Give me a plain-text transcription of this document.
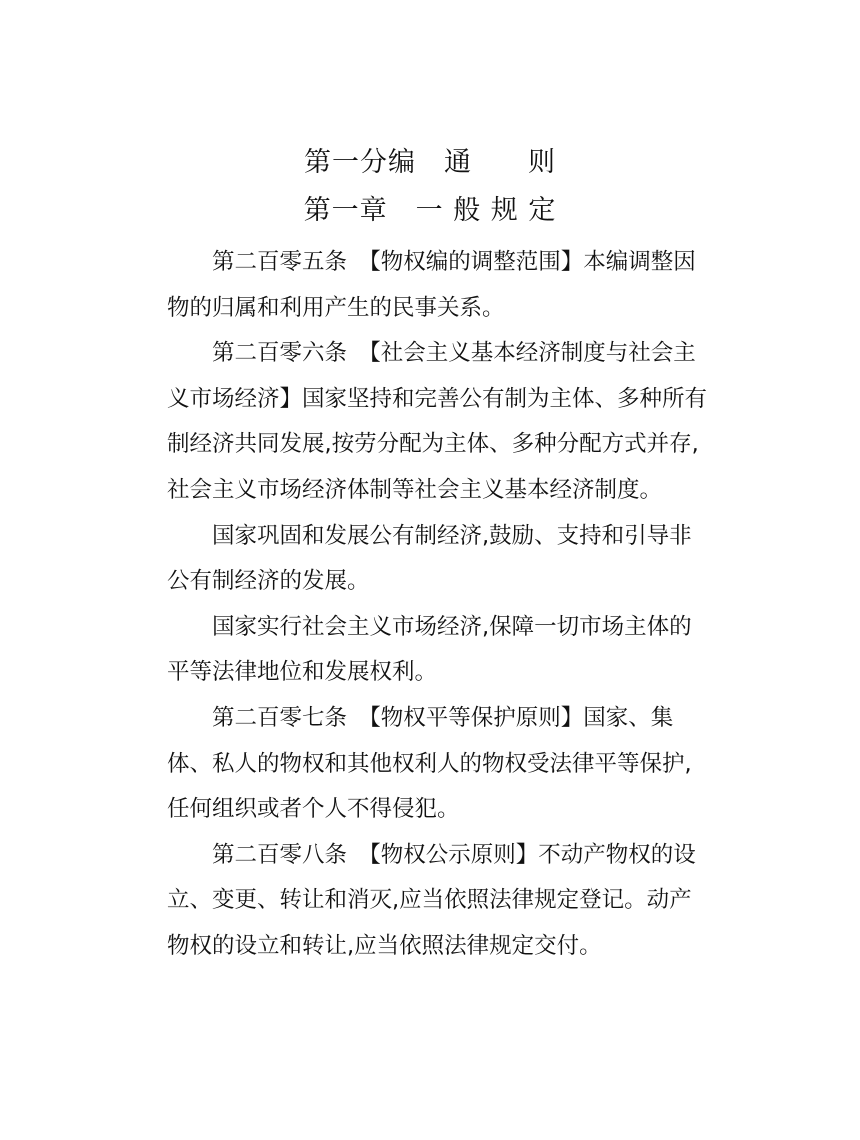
第一分编　通　　则
第一章　一 般 规 定

第二百零五条　【物权编的调整范围】本编调整因物的归属和利用产生的民事关系。

第二百零六条　【社会主义基本经济制度与社会主义市场经济】国家坚持和完善公有制为主体、多种所有制经济共同发展,按劳分配为主体、多种分配方式并存,社会主义市场经济体制等社会主义基本经济制度。

国家巩固和发展公有制经济,鼓励、支持和引导非公有制经济的发展。

国家实行社会主义市场经济,保障一切市场主体的平等法律地位和发展权利。

第二百零七条　【物权平等保护原则】国家、集体、私人的物权和其他权利人的物权受法律平等保护,任何组织或者个人不得侵犯。

第二百零八条　【物权公示原则】不动产物权的设立、变更、转让和消灭,应当依照法律规定登记。动产物权的设立和转让,应当依照法律规定交付。
